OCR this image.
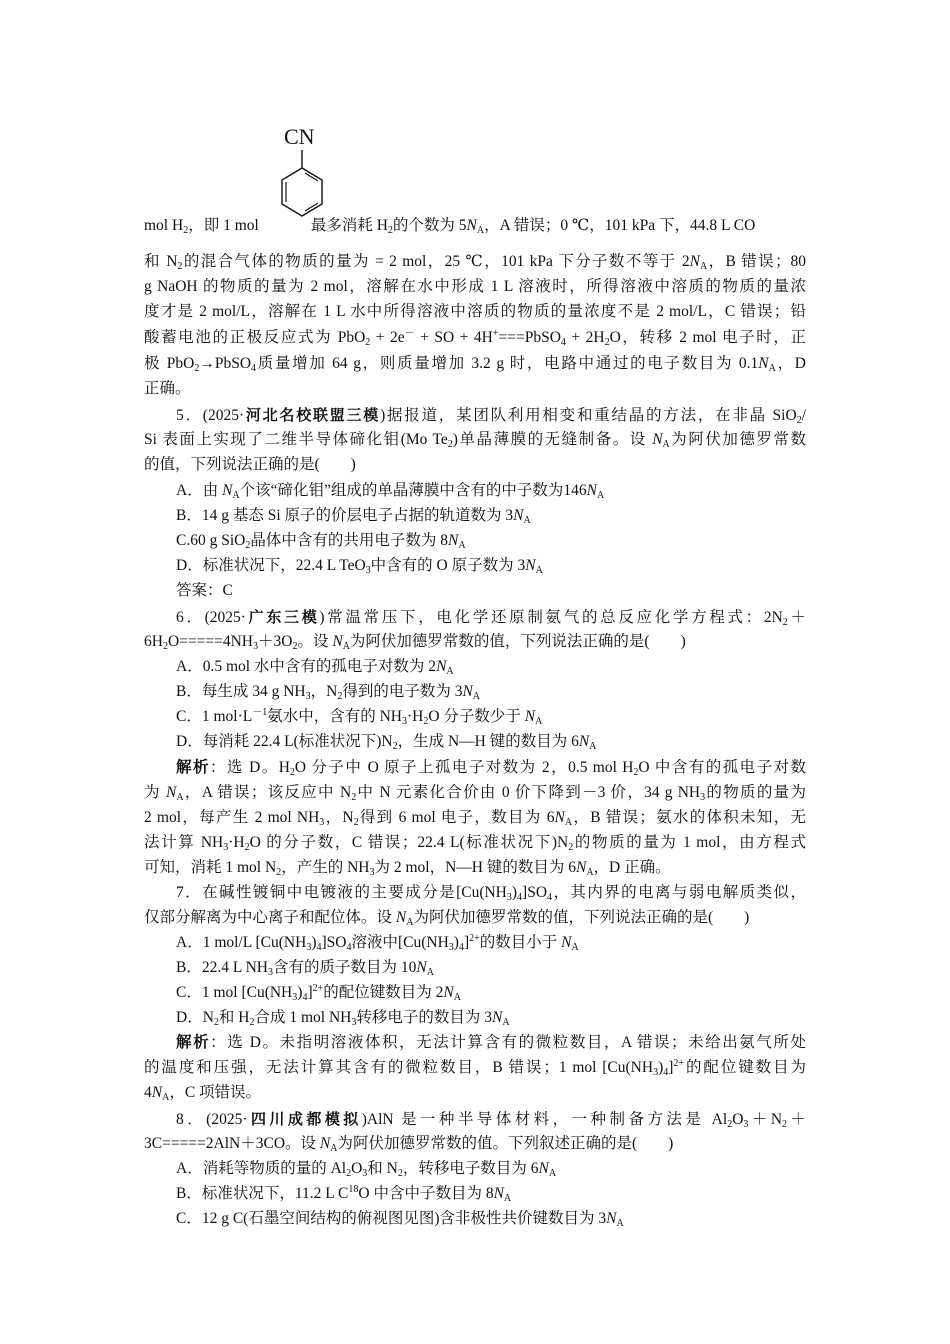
CN
mol $H_2$，即 1 mol	最多消耗 $H_2$的个数为 $5N_A$，A 错误；0 ℃，101 kPa 下，44.8 L CO
和 $N_2$的混合气体的物质的量为 = 2 mol，25 ℃，101 kPa 下分子数不等于 $2N_A$，B 错误；80
g NaOH 的物质的量为 2 mol，溶解在水中形成 1 L 溶液时，所得溶液中溶质的物质的量浓
度才是 2 mol/L，溶解在 1 L 水中所得溶液中溶质的物质的量浓度不是 2 mol/L，C 错误；铅
酸蓄电池的正极反应式为 PbO$_2$ + 2e－ + SO + 4H+===PbSO$_4$ + $2H_2O$，转移 2 mol 电子时，正
极 PbO$_2$→PbSO$_4$质量增加 64 g，则质量增加 3.2 g 时，电路中通过的电子数目为 $0.1N_A$，D
正确。
5．(2025·河北名校联盟三模)据报道，某团队利用相变和重结晶的方法，在非晶 SiO$_2$/
Si 表面上实现了二维半导体碲化钼(Mo $Te_2$)单晶薄膜的无缝制备。设 $N_A$为阿伏加德罗常数
的值，下列说法正确的是(　　)
A．由 $N_A$个该“碲化钼”组成的单晶薄膜中含有的中子数为$146N_A$
B．14 g 基态 Si 原子的价层电子占据的轨道数为 $3N_A$
C.60 g SiO$_2$晶体中含有的共用电子数为 $8N_A$
D．标准状况下，22.4 L TeO$_3$中含有的 O 原子数为 $3N_A$
答案：C
6．(2025·广东三模)常温常压下，电化学还原制氨气的总反应化学方程式：$2N_2+$
$6H_2O=====4NH_3+3O_2$。设 $N_A$为阿伏加德罗常数的值，下列说法正确的是(　　)
A．0.5 mol 水中含有的孤电子对数为 $2N_A$
B．每生成 34 g $NH_3$，$N_2$得到的电子数为 $3N_A$
C．1 $mol\cdot L^{-1}$氨水中，含有的 $NH_3\cdot H_2O$ 分子数少于 $N_A$
D．每消耗 22.4 L(标准状况下)$N_2$，生成 N—H 键的数目为 $6N_A$
解析：选 D。$H_2O$ 分子中 O 原子上孤电子对数为 2，0.5 mol $H_2O$ 中含有的孤电子对数
为 $N_A$，A 错误；该反应中 $N_2$中 N 元素化合价由 0 价下降到－3 价，34 g $NH_3$的物质的量为
2 mol，每产生 2 mol $NH_3$，$N_2$得到 6 mol 电子，数目为 $6N_A$，B 错误；氨水的体积未知，无
法计算 $NH_3\cdot H_2O$ 的分子数，C 错误；22.4 L(标准状况下)$N_2$的物质的量为 1 mol，由方程式
可知，消耗 1 mol $N_2$，产生的 $NH_3$为 2 mol，N—H 键的数目为 $6N_A$，D 正确。
7．在碱性镀铜中电镀液的主要成分是$[Cu(NH_3)_4]SO_4$，其内界的电离与弱电解质类似，
仅部分解离为中心离子和配位体。设 $N_A$为阿伏加德罗常数的值，下列说法正确的是(　　)
A．1 mol/L $[Cu(NH_3)_4]SO_4$溶液中$[Cu(NH_3)_4]^{2+}$的数目小于 $N_A$
B．22.4 L $NH_3$含有的质子数目为 $10N_A$
C．1 mol $[Cu(NH_3)_4]^{2+}$的配位键数目为 $2N_A$
D．$N_2$和 $H_2$合成 1 mol $NH_3$转移电子的数目为 $3N_A$
解析：选 D。未指明溶液体积，无法计算含有的微粒数目，A 错误；未给出氨气所处
的温度和压强，无法计算其含有的微粒数目，B 错误；1 mol $[Cu(NH_3)_4]^{2+}$的配位键数目为
$4N_A$，C 项错误。
8．(2025·四川成都模拟)AlN 是一种半导体材料，一种制备方法是 $Al_2O_3+N_2+$
3C=====2AlN＋3CO。设 $N_A$为阿伏加德罗常数的值。下列叙述正确的是(　　)
A．消耗等物质的量的 $Al_2O_3$和 $N_2$，转移电子数目为 $6N_A$
B．标准状况下，11.2 L $C^{18}O$ 中含中子数目为 $8N_A$
C．12 g C(石墨空间结构的俯视图见图)含非极性共价键数目为 $3N_A$
